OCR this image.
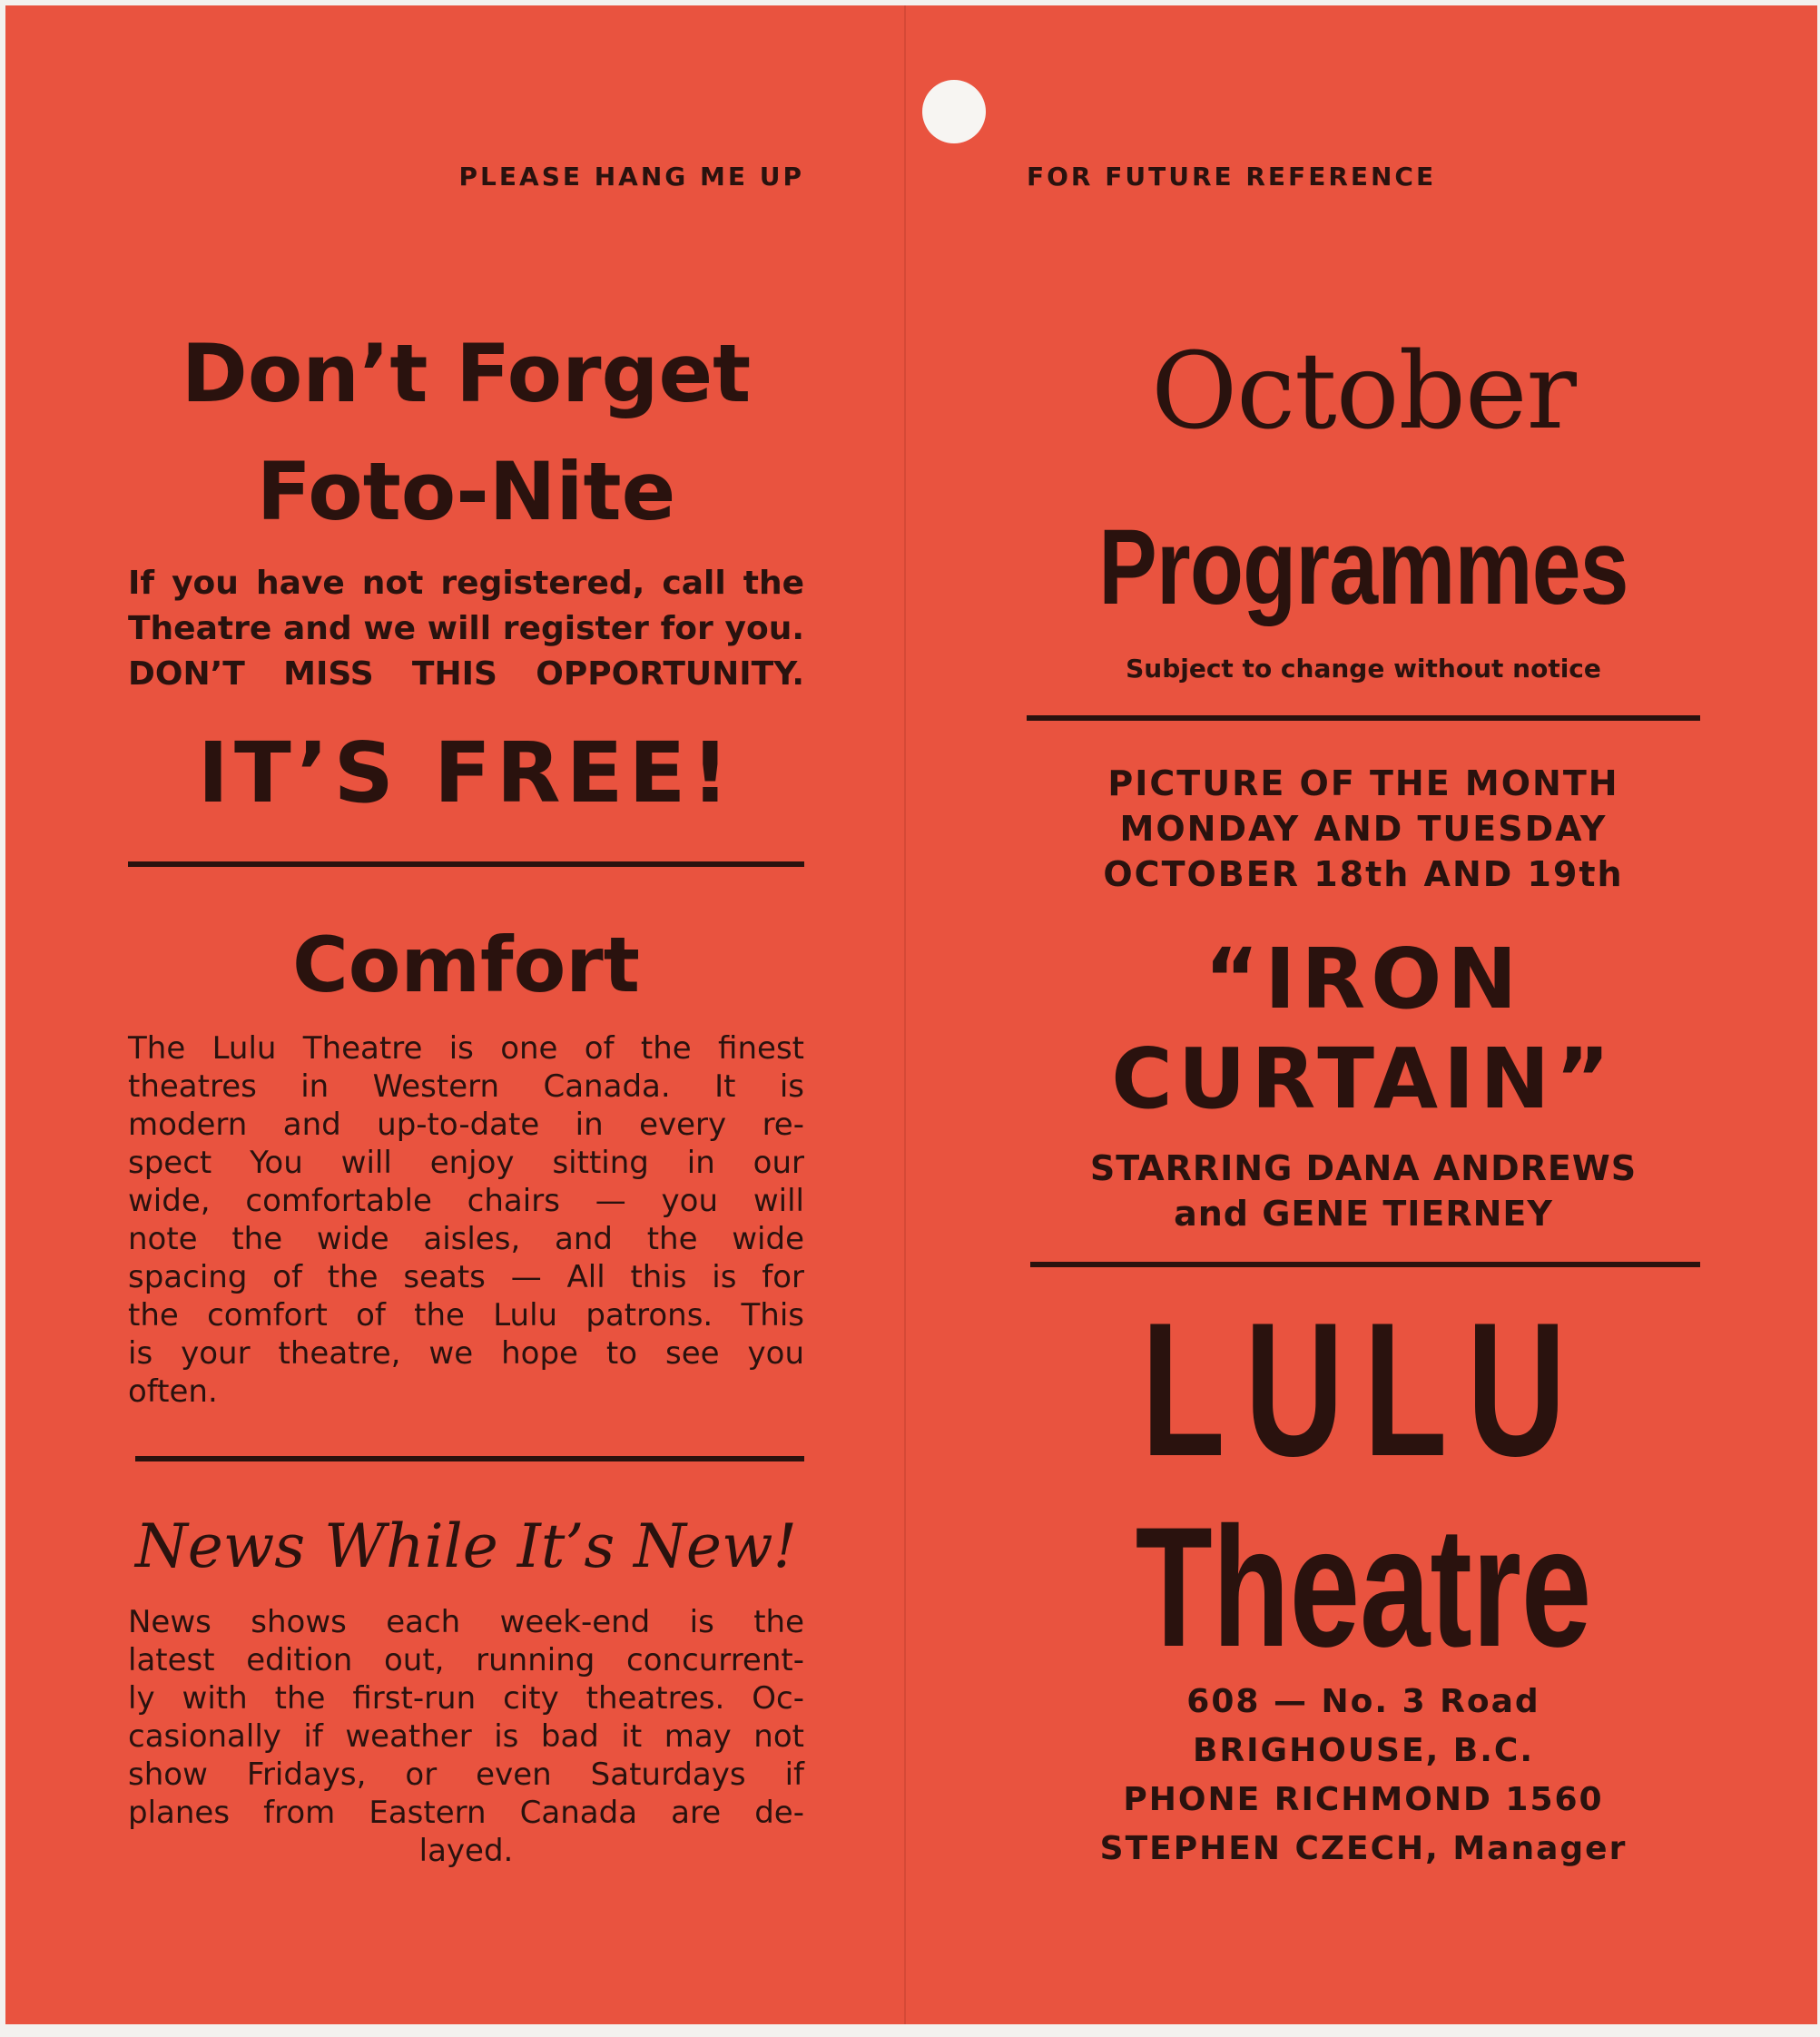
PLEASE HANG ME UP
Don’t Forget
Foto-Nite
If you have not registered, call the
Theatre and we will register for you.
DON’T MISS THIS OPPORTUNITY.
IT’S FREE!
Comfort
The Lulu Theatre is one of the finest
theatres in Western Canada. It is
modern and up-to-date in every re-
spect You will enjoy sitting in our
wide, comfortable chairs — you will
note the wide aisles, and the wide
spacing of the seats — All this is for
the comfort of the Lulu patrons. This
is your theatre, we hope to see you
often.
News While It’s New!
News shows each week-end is the
latest edition out, running concurrent-
ly with the first-run city theatres. Oc-
casionally if weather is bad it may not
show Fridays, or even Saturdays if
planes from Eastern Canada are de-
layed.
FOR FUTURE REFERENCE
October
Programmes
Subject to change without notice
PICTURE OF THE MONTH
MONDAY AND TUESDAY
OCTOBER 18th AND 19th
“IRON
CURTAIN”
STARRING DANA ANDREWS
and GENE TIERNEY
LULU
Theatre
608 — No. 3 Road
BRIGHOUSE, B.C.
PHONE RICHMOND 1560
STEPHEN CZECH, Manager
